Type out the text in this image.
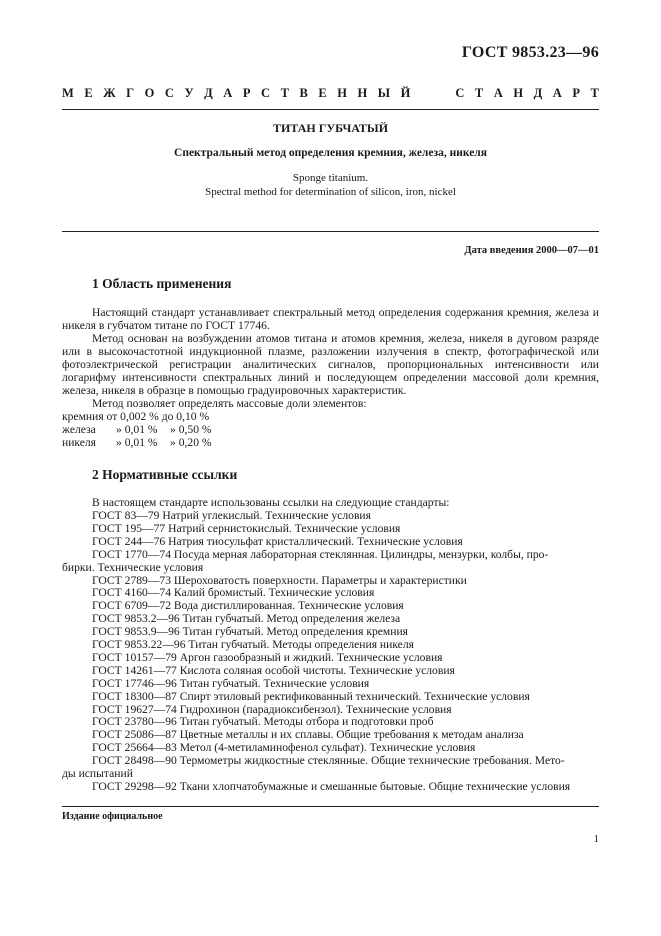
ГОСТ 9853.23—96
М Е Ж Г О С У Д А Р С Т В Е Н Н Ы Й	С Т А Н Д А Р Т
ТИТАН ГУБЧАТЫЙ
Спектральный метод определения кремния, железа, никеля
Sponge titanium.
Spectral method for determination of silicon, iron, nickel
Дата введения 2000—07—01
1 Область применения
Настоящий стандарт устанавливает спектральный метод определения содержания кремния, железа и никеля в губчатом титане по ГОСТ 17746.
Метод основан на возбуждении атомов титана и атомов кремния, железа, никеля в дуговом разряде или в высокочастотной индукционной плазме, разложении излучения в спектр, фотографической или фотоэлектрической регистрации аналитических сигналов, пропорциональных интенсивности или логарифму интенсивности спектральных линий и последующем определении массовой доли кремния, железа, никеля в образце в помощью градуировочных характеристик.
Метод позволяет определять массовые доли элементов:
кремния от 0,002 % до 0,10 %
железа » 0,01 % » 0,50 %
никеля » 0,01 % » 0,20 %
2 Нормативные ссылки
В настоящем стандарте использованы ссылки на следующие стандарты:
ГОСТ 83—79 Натрий углекислый. Технические условия
ГОСТ 195—77 Натрий сернистокислый. Технические условия
ГОСТ 244—76 Натрия тиосульфат кристаллический. Технические условия
ГОСТ 1770—74 Посуда мерная лабораторная стеклянная. Цилиндры, мензурки, колбы, про-
бирки. Технические условия
ГОСТ 2789—73 Шероховатость поверхности. Параметры и характеристики
ГОСТ 4160—74 Калий бромистый. Технические условия
ГОСТ 6709—72 Вода дистиллированная. Технические условия
ГОСТ 9853.2—96 Титан губчатый. Метод определения железа
ГОСТ 9853.9—96 Титан губчатый. Метод определения кремния
ГОСТ 9853.22—96 Титан губчатый. Методы определения никеля
ГОСТ 10157—79 Аргон газообразный и жидкий. Технические условия
ГОСТ 14261—77 Кислота соляная особой чистоты. Технические условия
ГОСТ 17746—96 Титан губчатый. Технические условия
ГОСТ 18300—87 Спирт этиловый ректификованный технический. Технические условия
ГОСТ 19627—74 Гидрохинон (парадиоксибензол). Технические условия
ГОСТ 23780—96 Титан губчатый. Методы отбора и подготовки проб
ГОСТ 25086—87 Цветные металлы и их сплавы. Общие требования к методам анализа
ГОСТ 25664—83 Метол (4-метиламинофенол сульфат). Технические условия
ГОСТ 28498—90 Термометры жидкостные стеклянные. Общие технические требования. Мето-
ды испытаний
ГОСТ 29298—92 Ткани хлопчатобумажные и смешанные бытовые. Общие технические условия
Издание официальное
1
